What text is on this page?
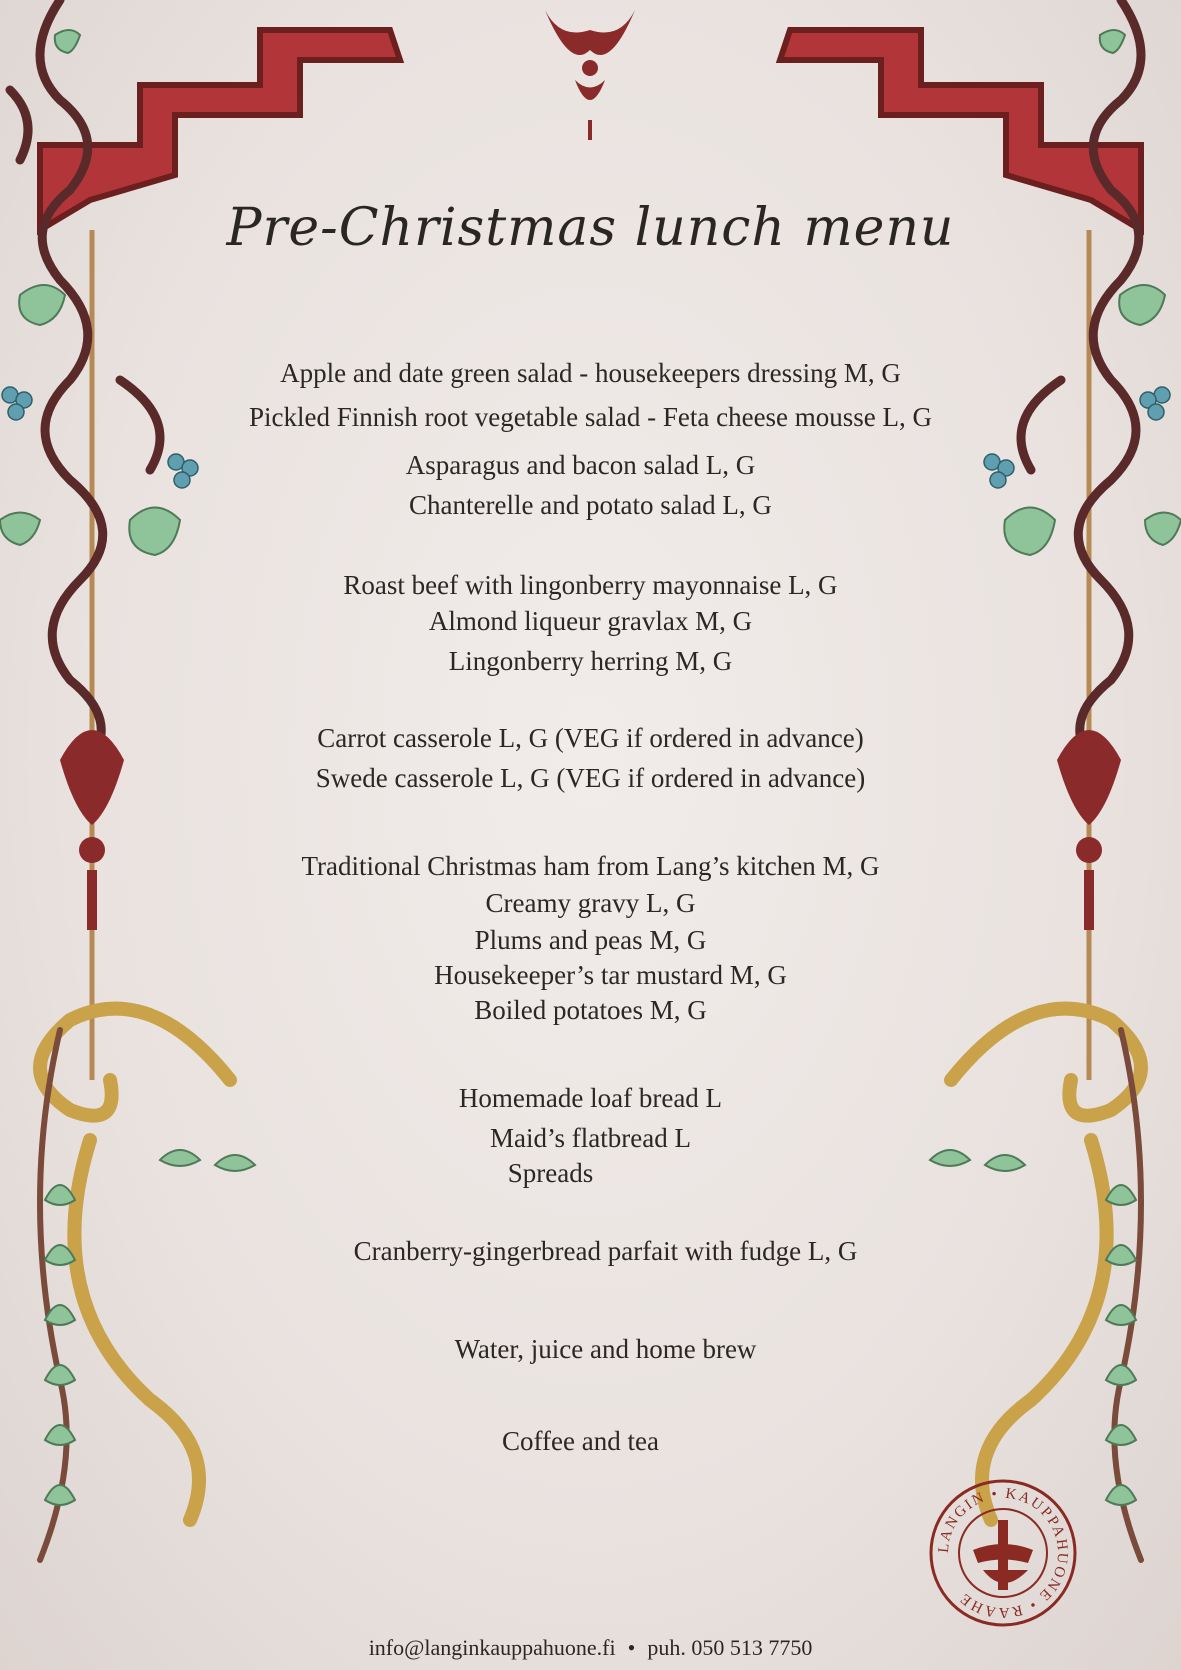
Pre-Christmas lunch menu
Apple and date green salad - housekeepers dressing M, G
Pickled Finnish root vegetable salad - Feta cheese mousse L, G
Asparagus and bacon salad L, G
Chanterelle and potato salad L, G
Roast beef with lingonberry mayonnaise L, G
Almond liqueur gravlax M, G
Lingonberry herring M, G
Carrot casserole L, G (VEG if ordered in advance)
Swede casserole L, G (VEG if ordered in advance)
Traditional Christmas ham from Lang’s kitchen M, G
Creamy gravy L, G
Plums and peas M, G
Housekeeper’s tar mustard M, G
Boiled potatoes M, G
Homemade loaf bread L
Maid’s flatbread L
Spreads
Cranberry-gingerbread parfait with fudge L, G
Water, juice and home brew
Coffee and tea
LANGIN • KAUPPAHUONE • RAAHE
info@langinkauppahuone.fi • puh. 050 513 7750
